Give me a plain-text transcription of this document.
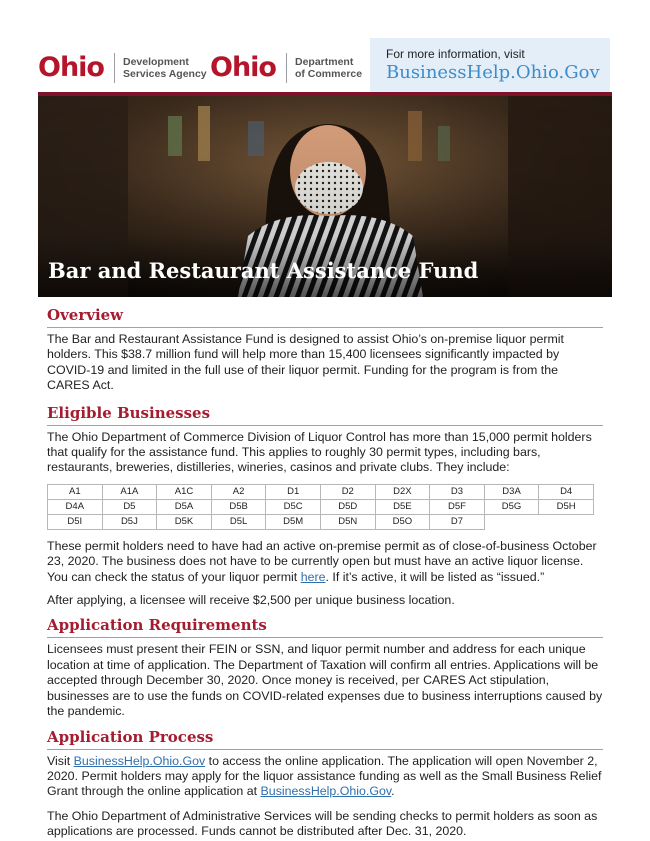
Ohio Development
Services Agency Ohio Department
of Commerce
For more information, visit
BusinessHelp.Ohio.Gov
Bar and Restaurant Assistance Fund
Overview

The Bar and Restaurant Assistance Fund is designed to assist Ohio’s on-premise liquor permit holders. This $38.7 million fund will help more than 15,400 licensees significantly impacted by COVID-19 and limited in the full use of their liquor permit. Funding for the program is from the CARES Act.

Eligible Businesses

The Ohio Department of Commerce Division of Liquor Control has more than 15,000 permit holders that qualify for the assistance fund. This applies to roughly 30 permit types, including bars, restaurants, breweries, distilleries, wineries, casinos and private clubs. They include:

A1	A1A	A1C	A2	D1	D2	D2X	D3	D3A	D4
D4A	D5	D5A	D5B	D5C	D5D	D5E	D5F	D5G	D5H
D5I	D5J	D5K	D5L	D5M	D5N	D5O	D7		

These permit holders need to have had an active on-premise permit as of close-of-business October 23, 2020. The business does not have to be currently open but must have an active liquor license. You can check the status of your liquor permit here. If it’s active, it will be listed as “issued.”

After applying, a licensee will receive $2,500 per unique business location.

Application Requirements

Licensees must present their FEIN or SSN, and liquor permit number and address for each unique location at time of application. The Department of Taxation will confirm all entries. Applications will be accepted through December 30, 2020. Once money is received, per CARES Act stipulation, businesses are to use the funds on COVID-related expenses due to business interruptions caused by the pandemic.

Application Process

Visit BusinessHelp.Ohio.Gov to access the online application. The application will open November 2, 2020. Permit holders may apply for the liquor assistance funding as well as the Small Business Relief Grant through the online application at BusinessHelp.Ohio.Gov.

The Ohio Department of Administrative Services will be sending checks to permit holders as soon as applications are processed. Funds cannot be distributed after Dec. 31, 2020.
